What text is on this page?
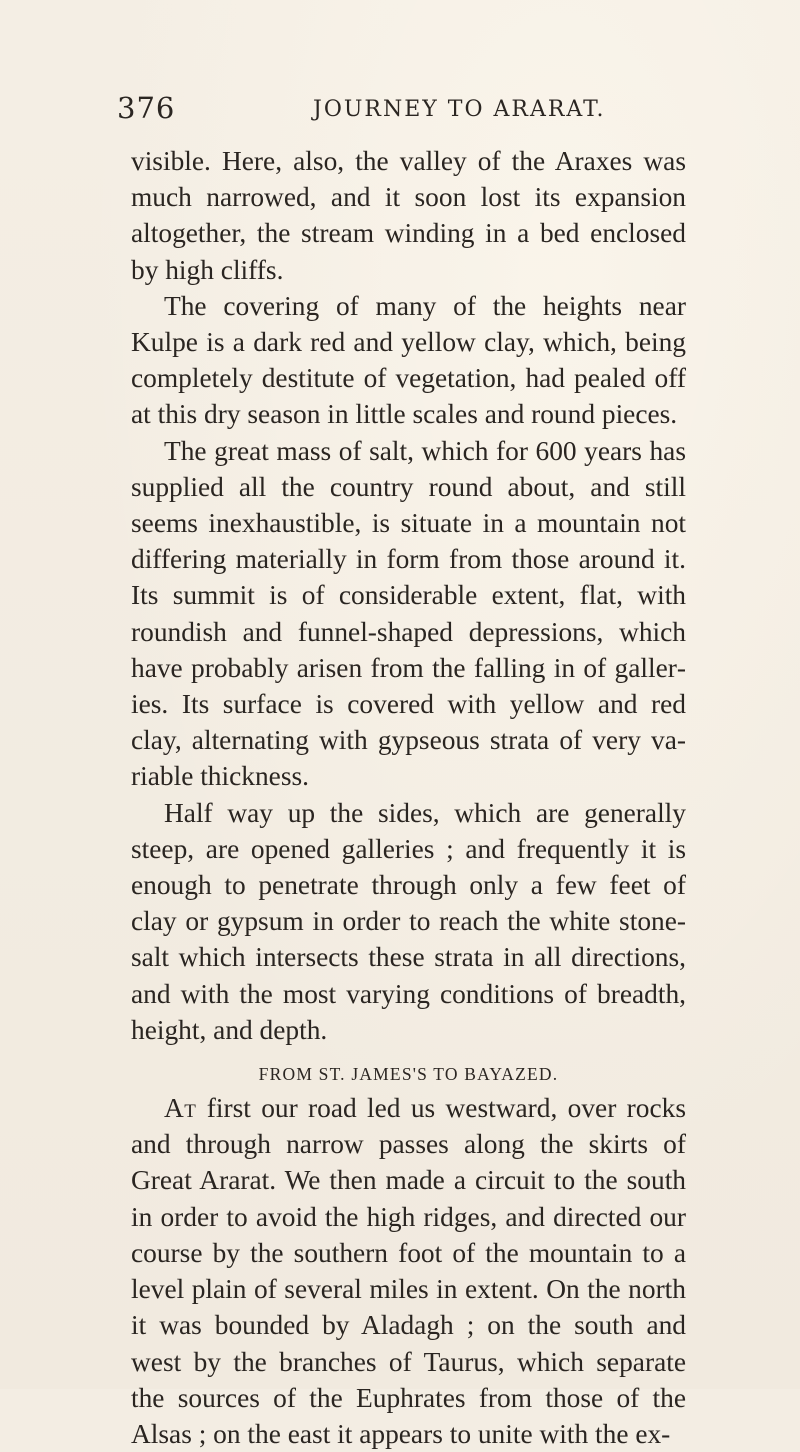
376	JOURNEY TO ARARAT.

visible. Here, also, the valley of the Araxes was much narrowed, and it soon lost its expansion altogether, the stream winding in a bed enclosed by high cliffs.

The covering of many of the heights near Kulpe is a dark red and yellow clay, which, being completely destitute of vegetation, had pealed off at this dry season in little scales and round pieces.

The great mass of salt, which for 600 years has supplied all the country round about, and still seems inexhaustible, is situate in a mountain not differing materially in form from those around it. Its summit is of considerable extent, flat, with roundish and funnel-shaped depressions, which have probably arisen from the falling in of galleries. Its surface is covered with yellow and red clay, alternating with gypseous strata of very variable thickness.

Half way up the sides, which are generally steep, are opened galleries ; and frequently it is enough to penetrate through only a few feet of clay or gypsum in order to reach the white stone-salt which intersects these strata in all directions, and with the most varying conditions of breadth, height, and depth.

FROM ST. JAMES'S TO BAYAZED.

At first our road led us westward, over rocks and through narrow passes along the skirts of Great Ararat. We then made a circuit to the south in order to avoid the high ridges, and directed our course by the southern foot of the mountain to a level plain of several miles in extent. On the north it was bounded by Aladagh ; on the south and west by the branches of Taurus, which separate the sources of the Euphrates from those of the Alsas ; on the east it appears to unite with the ex-
